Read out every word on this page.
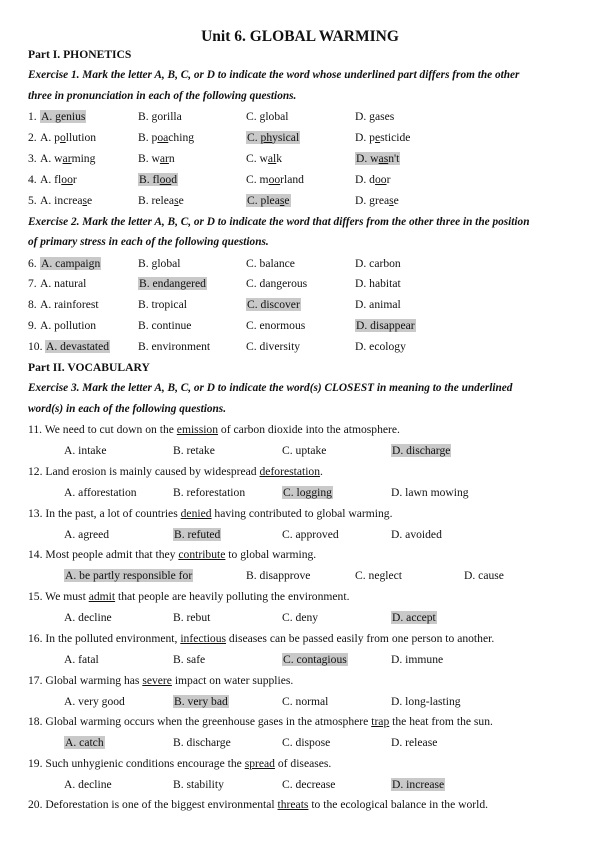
Unit 6. GLOBAL WARMING
Part I. PHONETICS
Exercise 1. Mark the letter A, B, C, or D to indicate the word whose underlined part differs from the other
three in pronunciation in each of the following questions.
1. A. genius	B. gorilla	C. global	D. gases
2. A. pollution	B. poaching	C. physical	D. pesticide
3. A. warming	B. warn	C. walk	D. wasn't
4. A. floor	B. flood	C. moorland	D. door
5. A. increase	B. release	C. please	D. grease
Exercise 2. Mark the letter A, B, C, or D to indicate the word that differs from the other three in the position
of primary stress in each of the following questions.
6. A. campaign	B. global	C. balance	D. carbon
7. A. natural	B. endangered	C. dangerous	D. habitat
8. A. rainforest	B. tropical	C. discover	D. animal
9. A. pollution	B. continue	C. enormous	D. disappear
10. A. devastated B. environment	C. diversity	D. ecology
Part II. VOCABULARY
Exercise 3. Mark the letter A, B, C, or D to indicate the word(s) CLOSEST in meaning to the underlined
word(s) in each of the following questions.
11. We need to cut down on the emission of carbon dioxide into the atmosphere.
A. intake	B. retake	C. uptake	D. discharge
12. Land erosion is mainly caused by widespread deforestation.
A. afforestation	B. reforestation	C. logging	D. lawn mowing
13. In the past, a lot of countries denied having contributed to global warming.
A. agreed	B. refuted	C. approved	D. avoided
14. Most people admit that they contribute to global warming.
A. be partly responsible for	B. disapprove	C. neglect	D. cause
15. We must admit that people are heavily polluting the environment.
A. decline	B. rebut	C. deny	D. accept
16. In the polluted environment, infectious diseases can be passed easily from one person to another.
A. fatal	B. safe	C. contagious	D. immune
17. Global warming has severe impact on water supplies.
A. very good	B. very bad	C. normal	D. long-lasting
18. Global warming occurs when the greenhouse gases in the atmosphere trap the heat from the sun.
A. catch	B. discharge	C. dispose	D. release
19. Such unhygienic conditions encourage the spread of diseases.
A. decline	B. stability	C. decrease	D. increase
20. Deforestation is one of the biggest environmental threats to the ecological balance in the world.
